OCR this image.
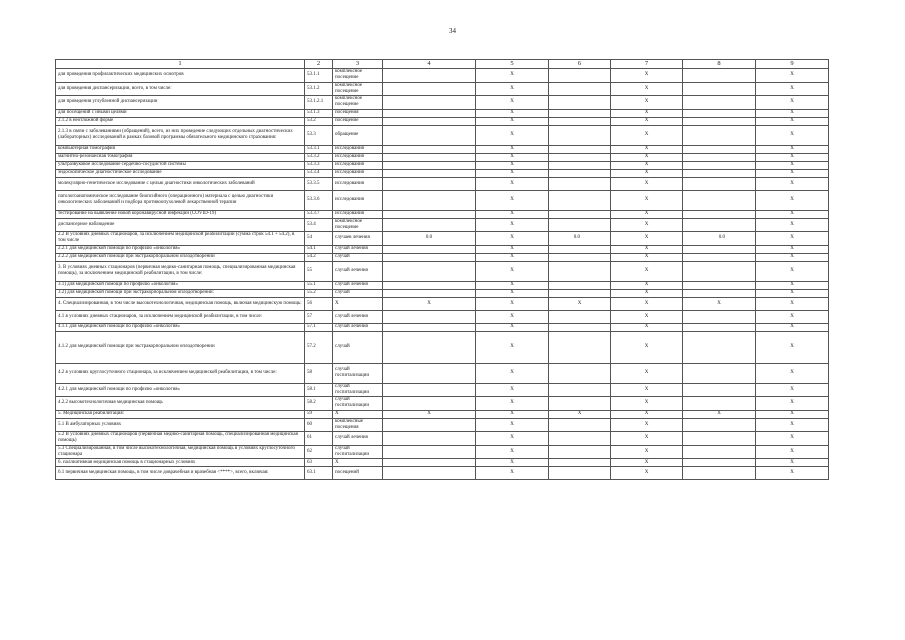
34
1	2	3	4	5	6	7	8	9
для проведения профилактических медицинских осмотров	53.1.1	комплексное посещение		X		X		X
для проведения диспансеризации, всего, в том числе:	53.1.2	комплексное посещение		X		X		X
для проведения углубленной диспансеризации	53.1.2.1	комплексное посещение		X		X		X
для посещений с иными целями	53.1.3	посещения		X		X		X
2.1.2 в неотложной форме	53.2	посещение		X		X		X
2.1.3 в связи с заболеваниями (обращений), всего, из них проведение следующих отдельных диагностических (лабораторных) исследований в рамках базовой программы обязательного медицинского страхования:	53.3	обращение		X		X		X
компьютерная томография	53.3.1	исследования		X		X		X
магнитно-резонансная томография	53.3.2	исследования		X		X		X
ультразвуковое исследование сердечно-сосудистой системы	53.3.3	исследования		X		X		X
эндоскопическое диагностическое исследование	53.3.4	исследования		X		X		X
молекулярно-генетическое исследование с целью диагностики онкологических заболеваний	53.3.5	исследования		X		X		X
патологоанатомическое исследование биопсийного (операционного) материала с целью диагностики онкологических заболеваний и подбора противоопухолевой лекарственной терапии	53.3.6	исследования		X		X		X
тестирование на выявление новой коронавирусной инфекции (COVID-19)	53.3.7	исследования		X		X		X
диспансерное наблюдение	53.4	комплексное посещение		X		X		X
2.2 В условиях дневных стационаров, за исключением медицинской реабилитации (сумма строк 54.1 + 54.2), в том числе	54	случаев лечения	0.0	X	0.0	X	0.0	X
2.2.1 для медицинской помощи по профилю «онкология»	54.1	случай лечения		X		X		X
2.2.2 для медицинской помощи при экстракорпоральном оплодотворении	54.2	случай		X		X		X
3. В условиях дневных стационаров (первичная медико-санитарная помощь, специализированная медицинская помощь), за исключением медицинской реабилитации, в том числе:	55	случай лечения		X		X		X
3.1) для медицинской помощи по профилю «онкология»	55.1	случай лечения		X		X		X
3.2) для медицинской помощи при экстракорпоральном оплодотворении:	55.2	случай		X		X		X
4. Специализированная, в том числе высокотехнологичная, медицинская помощь, включая медицинскую помощь:	56	X	X	X	X	X	X	X
4.1 в условиях дневных стационаров, за исключением медицинской реабилитации, в том числе:	57	случай лечения		X		X		X
4.1.1 для медицинской помощи по профилю «онкология»	57.1	случай лечения		X		X		X
4.1.2 для медицинской помощи при экстракорпоральном оплодотворении	57.2	случай		X		X		X
4.2 в условиях круглосуточного стационара, за исключением медицинской реабилитации, в том числе:	58	случай госпитализации		X		X		X
4.2.1 для медицинской помощи по профилю «онкология»	58.1	случай госпитализации		X		X		X
4.2.2 высокотехнологичная медицинская помощь	58.2	случай госпитализации		X		X		X
5. Медицинская реабилитация:	59	X	X	X	X	X	X	X
5.1 В амбулаторных условиях	60	комплексные посещения		X		X		X
5.2 В условиях дневных стационаров (первичная медико-санитарная помощь, специализированная медицинская помощь)	61	случай лечения		X		X		X
5.3 Специализированная, в том числе высокотехнологичная, медицинская помощь в условиях круглосуточного стационара	62	случай госпитализации		X		X		X
6. паллиативная медицинская помощь в стационарных условиях	63	X		X		X		X
6.1 первичная медицинская помощь, в том числе доврачебная и врачебная <****>, всего, включая:	63.1	посещений		X		X		X
